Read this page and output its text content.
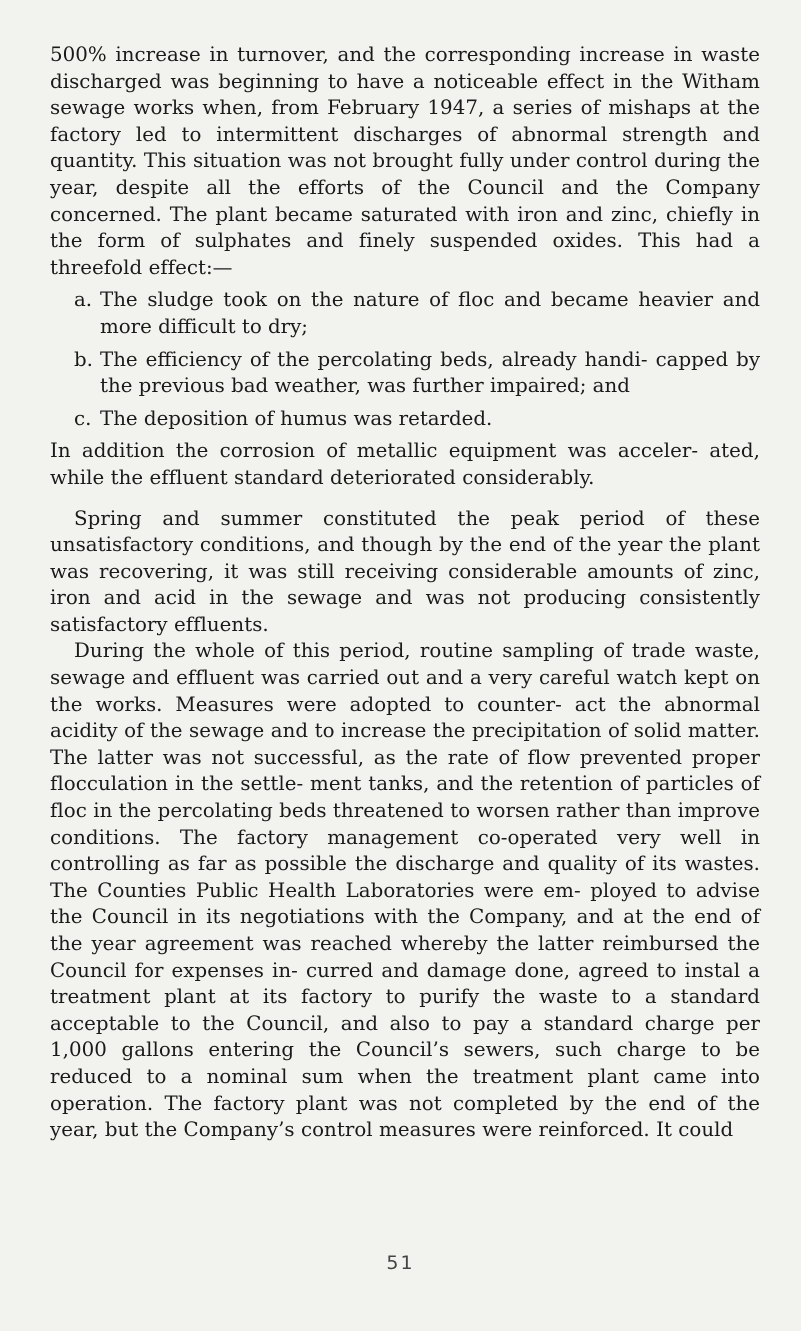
500% increase in turnover, and the corresponding increase in waste discharged was beginning to have a noticeable effect in the Witham sewage works when, from February 1947, a series of mishaps at the factory led to intermittent discharges of abnormal strength and quantity. This situation was not brought fully under control during the year, despite all the efforts of the Council and the Company concerned. The plant became saturated with iron and zinc, chiefly in the form of sulphates and finely suspended oxides. This had a threefold effect:—

a. The sludge took on the nature of floc and became heavier and more difficult to dry;
b. The efficiency of the percolating beds, already handi- capped by the previous bad weather, was further impaired; and
c. The deposition of humus was retarded.

In addition the corrosion of metallic equipment was acceler- ated, while the effluent standard deteriorated considerably.

Spring and summer constituted the peak period of these unsatisfactory conditions, and though by the end of the year the plant was recovering, it was still receiving considerable amounts of zinc, iron and acid in the sewage and was not producing consistently satisfactory effluents.

During the whole of this period, routine sampling of trade waste, sewage and effluent was carried out and a very careful watch kept on the works. Measures were adopted to counter- act the abnormal acidity of the sewage and to increase the precipitation of solid matter. The latter was not successful, as the rate of flow prevented proper flocculation in the settle- ment tanks, and the retention of particles of floc in the percolating beds threatened to worsen rather than improve conditions. The factory management co-operated very well in controlling as far as possible the discharge and quality of its wastes. The Counties Public Health Laboratories were em- ployed to advise the Council in its negotiations with the Company, and at the end of the year agreement was reached whereby the latter reimbursed the Council for expenses in- curred and damage done, agreed to instal a treatment plant at its factory to purify the waste to a standard acceptable to the Council, and also to pay a standard charge per 1,000 gallons entering the Council’s sewers, such charge to be reduced to a nominal sum when the treatment plant came into operation. The factory plant was not completed by the end of the year, but the Company’s control measures were reinforced. It could

51
